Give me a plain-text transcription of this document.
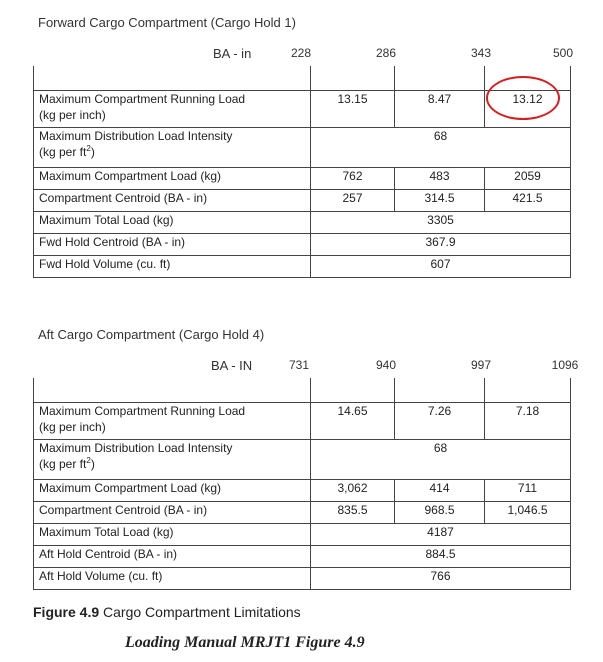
Forward Cargo Compartment (Cargo Hold 1)
BA - in	228	286	343	500

Maximum Compartment Running Load
(kg per inch)	13.15	8.47	13.12

Maximum Distribution Load Intensity
(kg per $ft^2$)	68		
Maximum Compartment Load (kg)	762	483	2059
Compartment Centroid (BA - in)	257	314.5	421.5
Maximum Total Load (kg)	3305		
Fwd Hold Centroid (BA - in)	367.9		
Fwd Hold Volume (cu. ft)	607		
Aft Cargo Compartment (Cargo Hold 4)
BA - IN	731	940	997	1096

Maximum Compartment Running Load
(kg per inch)	14.65	7.26	7.18

Maximum Distribution Load Intensity
(kg per $ft^2$)	68		
Maximum Compartment Load (kg)	3,062	414	711
Compartment Centroid (BA - in)	835.5	968.5	1,046.5
Maximum Total Load (kg)	4187		
Aft Hold Centroid (BA - in)	884.5		
Aft Hold Volume (cu. ft)	766		
Figure 4.9 Cargo Compartment Limitations
Loading Manual MRJT1 Figure 4.9
